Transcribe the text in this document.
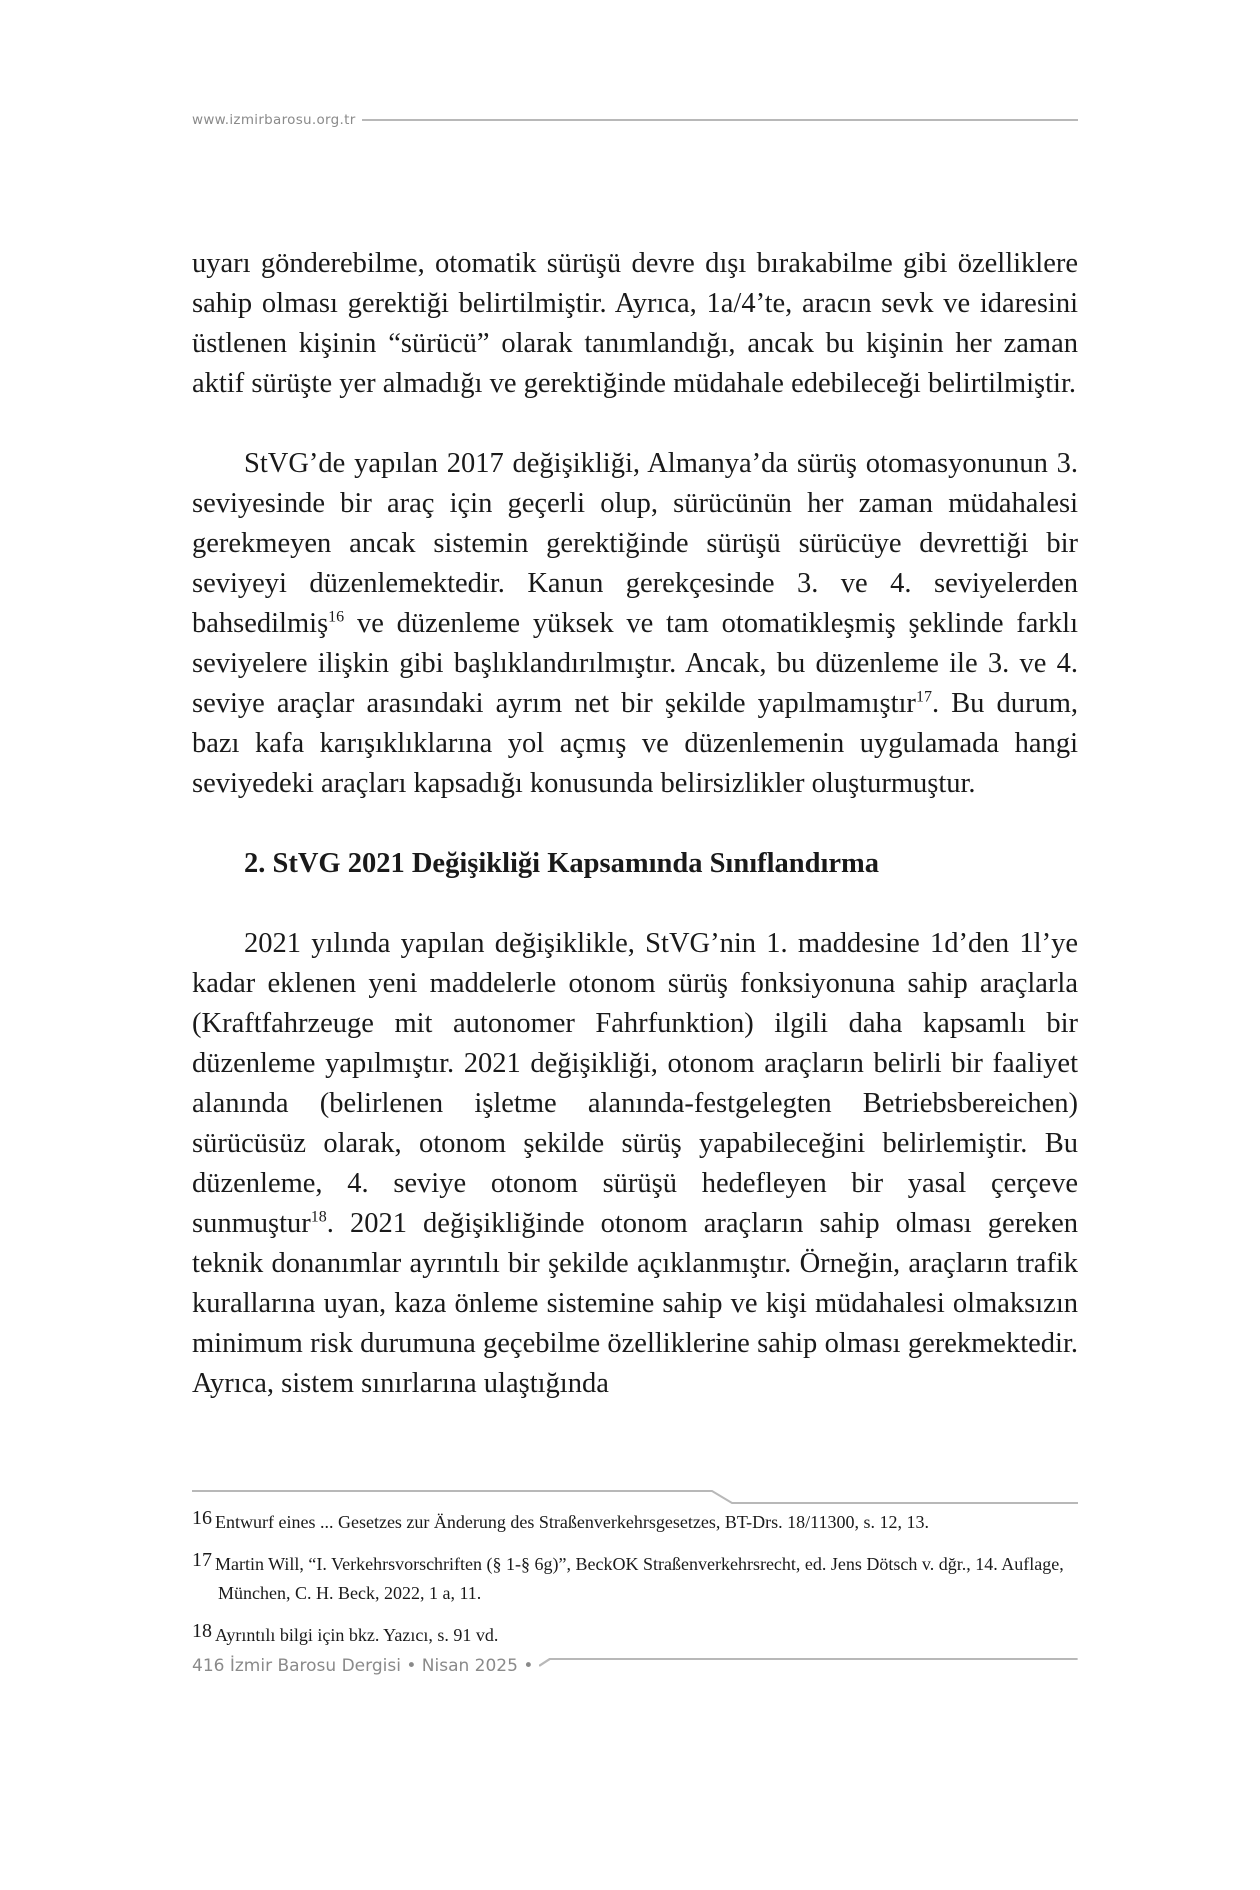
www.izmirbarosu.org.tr

uyarı gönderebilme, otomatik sürüşü devre dışı bırakabilme gibi özelliklere sahip olması gerektiği belirtilmiştir. Ayrıca, 1a/4’te, aracın sevk ve idaresini üstlenen kişinin “sürücü” olarak tanımlandığı, ancak bu kişinin her zaman aktif sürüşte yer almadığı ve gerektiğinde müdahale edebileceği belirtilmiştir.

StVG’de yapılan 2017 değişikliği, Almanya’da sürüş otomasyonunun 3. seviyesinde bir araç için geçerli olup, sürücünün her zaman müdahalesi gerekmeyen ancak sistemin gerektiğinde sürüşü sürücüye devrettiği bir seviyeyi düzenlemektedir. Kanun gerekçesinde 3. ve 4. seviyelerden bahsedilmiş$^{16}$ ve düzenleme yüksek ve tam otomatikleşmiş şeklinde farklı seviyelere ilişkin gibi başlıklandırılmıştır. Ancak, bu düzenleme ile 3. ve 4. seviye araçlar arasındaki ayrım net bir şekilde yapılmamıştır$^{17}$. Bu durum, bazı kafa karışıklıklarına yol açmış ve düzenlemenin uygulamada hangi seviyedeki araçları kapsadığı konusunda belirsizlikler oluşturmuştur.

2. StVG 2021 Değişikliği Kapsamında Sınıflandırma

2021 yılında yapılan değişiklikle, StVG’nin 1. maddesine 1d’den 1l’ye kadar eklenen yeni maddelerle otonom sürüş fonksiyonuna sahip araçlarla (Kraftfahrzeuge mit autonomer Fahrfunktion) ilgili daha kapsamlı bir düzenleme yapılmıştır. 2021 değişikliği, otonom araçların belirli bir faaliyet alanında (belirlenen işletme alanında-festgelegten Betriebsbereichen) sürücüsüz olarak, otonom şekilde sürüş yapabileceğini belirlemiştir. Bu düzenleme, 4. seviye otonom sürüşü hedefleyen bir yasal çerçeve sunmuştur$^{18}$. 2021 değişikliğinde otonom araçların sahip olması gereken teknik donanımlar ayrıntılı bir şekilde açıklanmıştır. Örneğin, araçların trafik kurallarına uyan, kaza önleme sistemine sahip ve kişi müdahalesi olmaksızın minimum risk durumuna geçebilme özelliklerine sahip olması gerekmektedir. Ayrıca, sistem sınırlarına ulaştığında

16 Entwurf eines ... Gesetzes zur Änderung des Straßenverkehrsgesetzes, BT-Drs. 18/11300, s. 12, 13.

17 Martin Will, “I. Verkehrsvorschriften (§ 1-§ 6g)”, BeckOK Straßenverkehrsrecht, ed. Jens Dötsch v. dğr., 14. Auflage, München, C. H. Beck, 2022, 1 a, 11.

18 Ayrıntılı bilgi için bkz. Yazıcı, s. 91 vd.

416 İzmir Barosu Dergisi • Nisan 2025 •
